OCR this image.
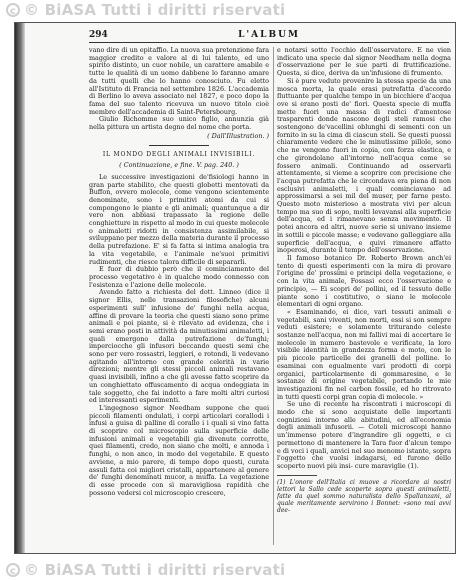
c © BiASA Tutti i diritti riservati
294	L'ALBUM

vano dire di un epitaffio. La nuova sua pretenzione fara maggior credito e valore al di lui talento, ed uno spirito distinto, un cuor nobile, un carattere amabile e tutte le qualità di un uomo dabbene lo faranno amare da tutti quelli che lo hanno conosciuto. Fu eletto all'Istituto di Francia nel settembre 1826. L'accademia di Berlino lo aveva associato nel 1827, e poco dopo la fama del suo talento ricevuva un nuovo titolo cioè membro dell'accademia di Saint-Petersbourg.

Giulio Richomme suo unico figlio, annunzia già nella pittura un artista degno del nome che porta.

( Dall'Illustration. )

IL MONDO DEGLI ANIMALI INVISIBILI.

( Continuazione, e fine. V. pag. 240. )

Le successive investigazioni de'fisiologi hanno in gran parte stabilito, che questi globetti mentovati da Buffon, ovvero molecole, come vengono scientemente denominate, sono i primitivi atomi da cui si compongono le piante e gli animali; quantunque a dir vero non abbiasi trapassato la regione delle conghietture in rispetto al modo in cui queste molecole o animaletti ridotti in consistenza assimilabile, si sviluppano per mezzo della materia durante il processo della putrefazione. E' si fa fatta si intima analogia tra la vita vegetabile, e l'animale ne'suoi primitivi rudimenti, che riesce talora difficile di separarli.

E fuor di dubbio però che il cominciamento del processo vegetativo è in qualche modo connesso con l'esistenza e l'azione delle molecole.

Avendo fatto a richiesta del dott. Linneo (dice il signor Ellis, nelle transazioni filosofiche) alcuni esperimenti sull' infusione de' funghi nella acqua, affine di provare la teoria che questi siano sono prime animali e poi piante, si è rilevato ad evidenza, che i semi erano posti in attività da minutissimi animaletti, i quali emergono dalla putrefazione de'funghi; imperciocche gli infusori beccando questi semi che sono per vero rossastri, leggieri, e rotondi, li vedevano agitando all'intorno con grande celerità in varie direzioni; mentre gli stessi piccoli animali restavano quasi invisibili, infino a che gli avesse fatto scoprire da un conghiettato offuscamento di acqua ondeggiata in tale soggetto, che fai indotto a fare molti altri curiosi ed interessanti esperimenti.

L'ingegnoso signor Needham suppone che quei piccoli filamenti ondulati, i corpi articolari corallodi i infusi a guisa di palline di corallo i i quali si vino fatta di scoprire col microscopio sulla superficie delle infusioni animali e vegetabili gia divenute corrotte, quei filamenti, credo, non siano che molti, e annoda i funghi, o non anco, in modo del vegetabile. E questo avviene, a mio parere, di tempo dopo questi, curata assuli fatta coi migliori cristalli, appartenere al genere de' funghi denominati mucor, a muffa. La vegetazione di esse procede con sì maravigliosa rapidità che possono vedersi col microscopio crescere,

e notarsi sotto l'occhio dell'osservatore. E ne vien indicato una specie dal signor Needham nella dogna d'osservazione per le sue parti di fruttificazione. Questa, si dice, deriva da un'infusione di frumento.

Si è pure veduto provenire la stessa specie da una mosca morta, la quale erasi putrefatta d'accordo fluttuante per qualche tempo in un bicchiere d'acqua ove si erano posti de' fiori. Questa specie di muffa mette fuori una massa di radici d'amentose trasparenti donde nascono degli steli ramosi che sostengono de'vacellini oblunghi di sementi con un fornito in su la cima di ciascun steli. Se questi puossi chiaramente vedere che le minutissime pillole, sono che ne vengono fuori in copia, con forza elastica, e che girondolano all'intorno nell'acqua come se fossero animali. Continuando ad osservarli attentamente, si vieme a scoprire con precisione che l'acqua putrefatta che le circondava era piena di non esclusivi animaletti, i quali cominciavano ad approssimarsi a sei mil del muser, per farne pesto. Questo moto misterioso a mostrata vivi per alcun tempo ma suo di sopo, molti levavansi alla superficie dell'acqua, ed i rimanevano senza movimento. Il potei ancora ed altri, nuove serie si univano insieme in sottili e piccole masse; e vedevano galleggiare alla superficie dell'acqua, e quivi rimanere affatto inoperosi, durante il tempo dell'osservazione.

Il famoso botanico Dr. Roberto Brown anch'ei tento di questi esperimenti con la mira di provare l'origine de' prossimi e principi della vegetazione, e con la vita animale, Fossasi ecco l'osservazione e principio, — Ei scopri de' pollini, ed il tessuto delle piante sono i costitutivo, o siano le molecole elementari di ogni organo.

« Esaminando, ei dice, vari tessuti animali e vegetabili, sani viventi, non morti, essi si son sempre veduti esistere; e solamente triturando celeste sostanze nell'acqua, non mi fallivi mai di accertare le molecole in numero bastevole e verificate, la loro visibile identità in grandezza forma e moto, con le più piccole particelle dei granelli del polline. Io esaminai con egualmente vari prodotti di corpi organici, particolarmente di gommaresine, e le sostanze di origine vegetabile, portando le mie investigazioni fin nel carbon fossile, ed ho ritrovato in tutti questi corpi gran copia di molecole. »

Se uno di recente ha riscontrati i microscopi di modo che si sono acquistate delle importanti cognizioni intorno alle abitudini, ed all'economia degli animali infusorii. — Coteli microscopi hanno un’immenso potere d’ingrandire gli oggetti, e ci permettono di mantenere la Tara fuor d'alcun tempo e di voci i quali, anvici nel suo menomo istante, sopra l'oggetto che vuolsi indagarsi, ed furono dello scoperto nuovi più insi- cure maraviglie (1).

(1) L'onore dell'Italia ci muove a ricordare ai nostri lettori la Sallo cede scoperte sopra questi animaletti, fatte da quel sommo naturalista dello Spallanzani, al quale meritamente servirono i Bonnet: «sono mai avvi dee-

c © BiASA Tutti i diritti riservati
